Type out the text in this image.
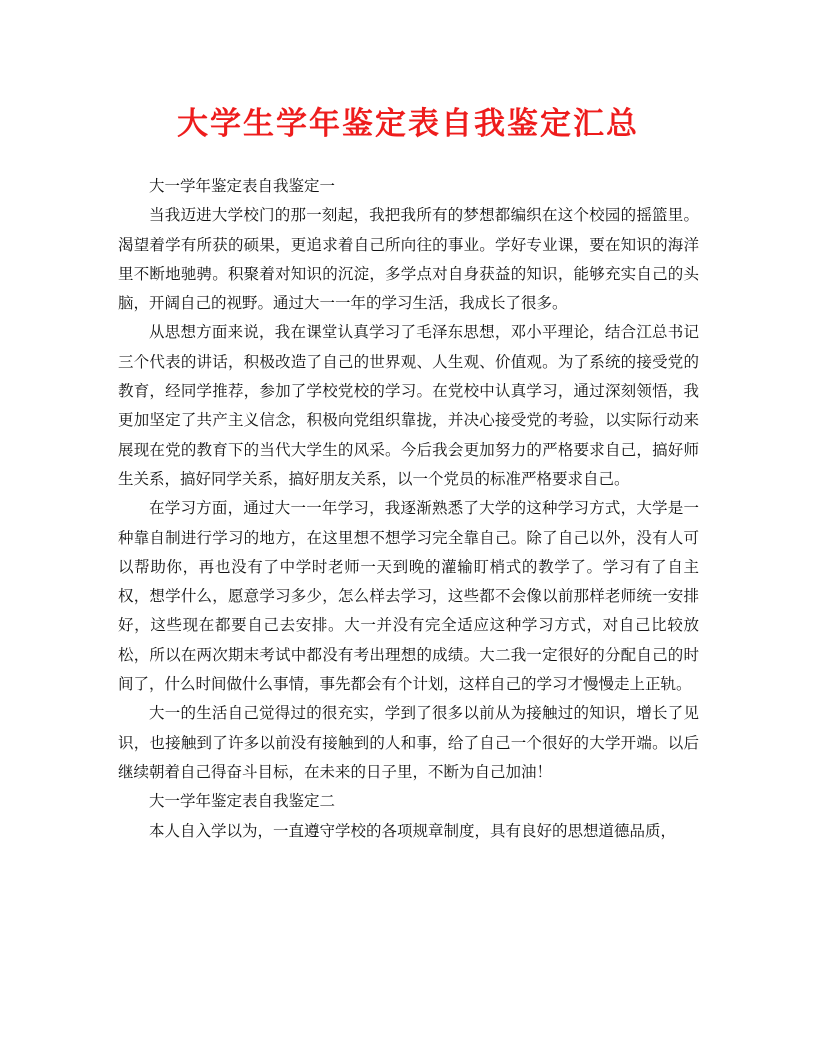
大学生学年鉴定表自我鉴定汇总

大一学年鉴定表自我鉴定一

当我迈进大学校门的那一刻起，我把我所有的梦想都编织在这个校园的摇篮里。渴望着学有所获的硕果，更追求着自己所向往的事业。学好专业课，要在知识的海洋里不断地驰骋。积聚着对知识的沉淀，多学点对自身获益的知识，能够充实自己的头脑，开阔自己的视野。通过大一一年的学习生活，我成长了很多。

从思想方面来说，我在课堂认真学习了毛泽东思想，邓小平理论，结合江总书记三个代表的讲话，积极改造了自己的世界观、人生观、价值观。为了系统的接受党的教育，经同学推荐，参加了学校党校的学习。在党校中认真学习，通过深刻领悟，我更加坚定了共产主义信念，积极向党组织靠拢，并决心接受党的考验，以实际行动来展现在党的教育下的当代大学生的风采。今后我会更加努力的严格要求自己，搞好师生关系，搞好同学关系，搞好朋友关系，以一个党员的标准严格要求自己。

在学习方面，通过大一一年学习，我逐渐熟悉了大学的这种学习方式，大学是一种靠自制进行学习的地方，在这里想不想学习完全靠自己。除了自己以外，没有人可以帮助你，再也没有了中学时老师一天到晚的灌输盯梢式的教学了。学习有了自主权，想学什么，愿意学习多少，怎么样去学习，这些都不会像以前那样老师统一安排好，这些现在都要自己去安排。大一并没有完全适应这种学习方式，对自己比较放松，所以在两次期末考试中都没有考出理想的成绩。大二我一定很好的分配自己的时间了，什么时间做什么事情，事先都会有个计划，这样自己的学习才慢慢走上正轨。

大一的生活自己觉得过的很充实，学到了很多以前从为接触过的知识，增长了见识，也接触到了许多以前没有接触到的人和事，给了自己一个很好的大学开端。以后继续朝着自己得奋斗目标，在未来的日子里，不断为自己加油！

大一学年鉴定表自我鉴定二

本人自入学以为，一直遵守学校的各项规章制度，具有良好的思想道德品质，
